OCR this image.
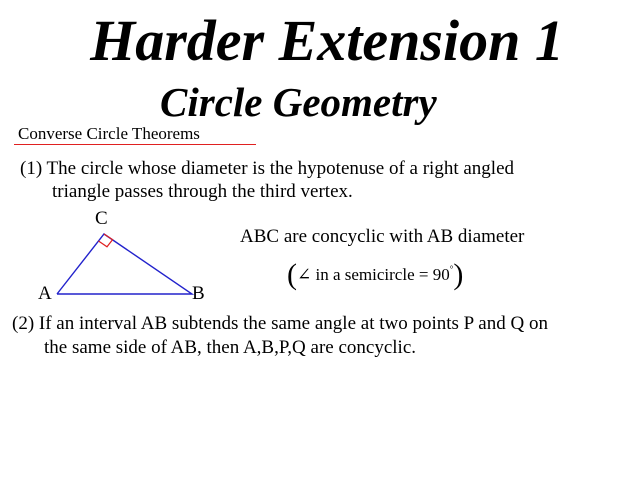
Harder Extension 1
Circle Geometry
Converse Circle Theorems
(1) The circle whose diameter is the hypotenuse of a right angled
triangle passes through the third vertex.
C
A	B
ABC are concyclic with AB diameter
(∠ in a semicircle = 90°)
(2) If an interval AB subtends the same angle at two points P and Q on
the same side of AB, then A,B,P,Q are concyclic.
